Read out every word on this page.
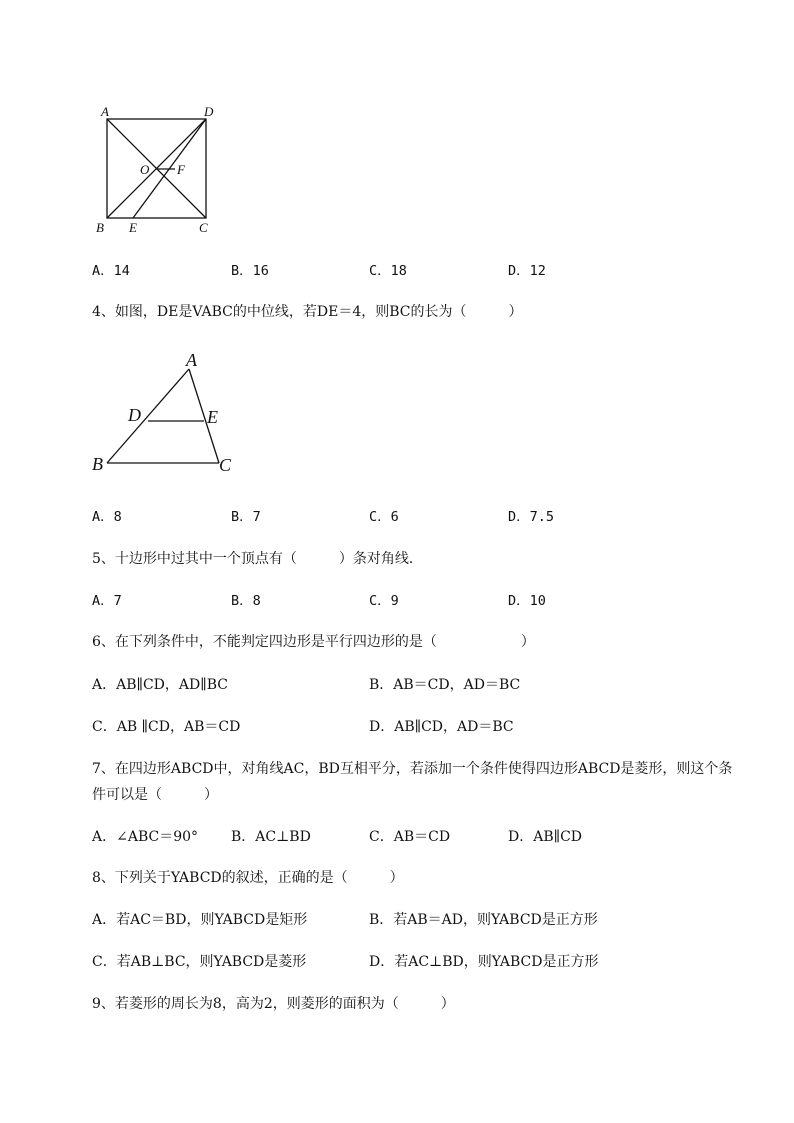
A	D
O F
B E	C
A．14	B．16	C．18	D．12
4、如图，DE是VABC的中位线，若DE＝4，则BC的长为（　　　）
A
D	E
B	C
A．8	B．7	C．6	D．7.5
5、十边形中过其中一个顶点有（　　　）条对角线．
A．7	B．8	C．9	D．10
6、在下列条件中，不能判定四边形是平行四边形的是（　　　　　　）
A．AB∥CD，AD∥BC	B．AB＝CD，AD＝BC
C．AB ∥CD，AB＝CD	D．AB∥CD，AD＝BC
7、在四边形ABCD中，对角线AC，BD互相平分，若添加一个条件使得四边形ABCD是菱形，则这个条
件可以是（　　　）
A．∠ABC＝90° B．AC⊥BD	C．AB＝CD	D．AB∥CD
8、下列关于YABCD的叙述，正确的是（　　　）
A．若AC＝BD，则YABCD是矩形	B．若AB＝AD，则YABCD是正方形
C．若AB⊥BC，则YABCD是菱形	D．若AC⊥BD，则YABCD是正方形
9、若菱形的周长为8，高为2，则菱形的面积为（　　　）
